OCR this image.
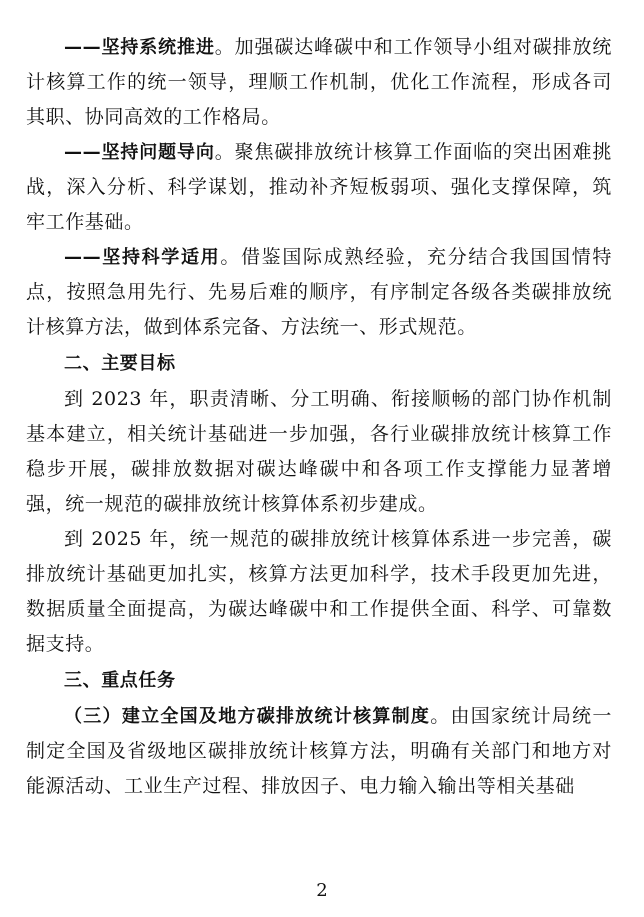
——坚持系统推进。加强碳达峰碳中和工作领导小组对碳排放统计核算工作的统一领导，理顺工作机制，优化工作流程，形成各司其职、协同高效的工作格局。

——坚持问题导向。聚焦碳排放统计核算工作面临的突出困难挑战，深入分析、科学谋划，推动补齐短板弱项、强化支撑保障，筑牢工作基础。

——坚持科学适用。借鉴国际成熟经验，充分结合我国国情特点，按照急用先行、先易后难的顺序，有序制定各级各类碳排放统计核算方法，做到体系完备、方法统一、形式规范。

二、主要目标

到 2023 年，职责清晰、分工明确、衔接顺畅的部门协作机制基本建立，相关统计基础进一步加强，各行业碳排放统计核算工作稳步开展，碳排放数据对碳达峰碳中和各项工作支撑能力显著增强，统一规范的碳排放统计核算体系初步建成。

到 2025 年，统一规范的碳排放统计核算体系进一步完善，碳排放统计基础更加扎实，核算方法更加科学，技术手段更加先进，数据质量全面提高，为碳达峰碳中和工作提供全面、科学、可靠数据支持。

三、重点任务

（三）建立全国及地方碳排放统计核算制度。由国家统计局统一制定全国及省级地区碳排放统计核算方法，明确有关部门和地方对能源活动、工业生产过程、排放因子、电力输入输出等相关基础

2
